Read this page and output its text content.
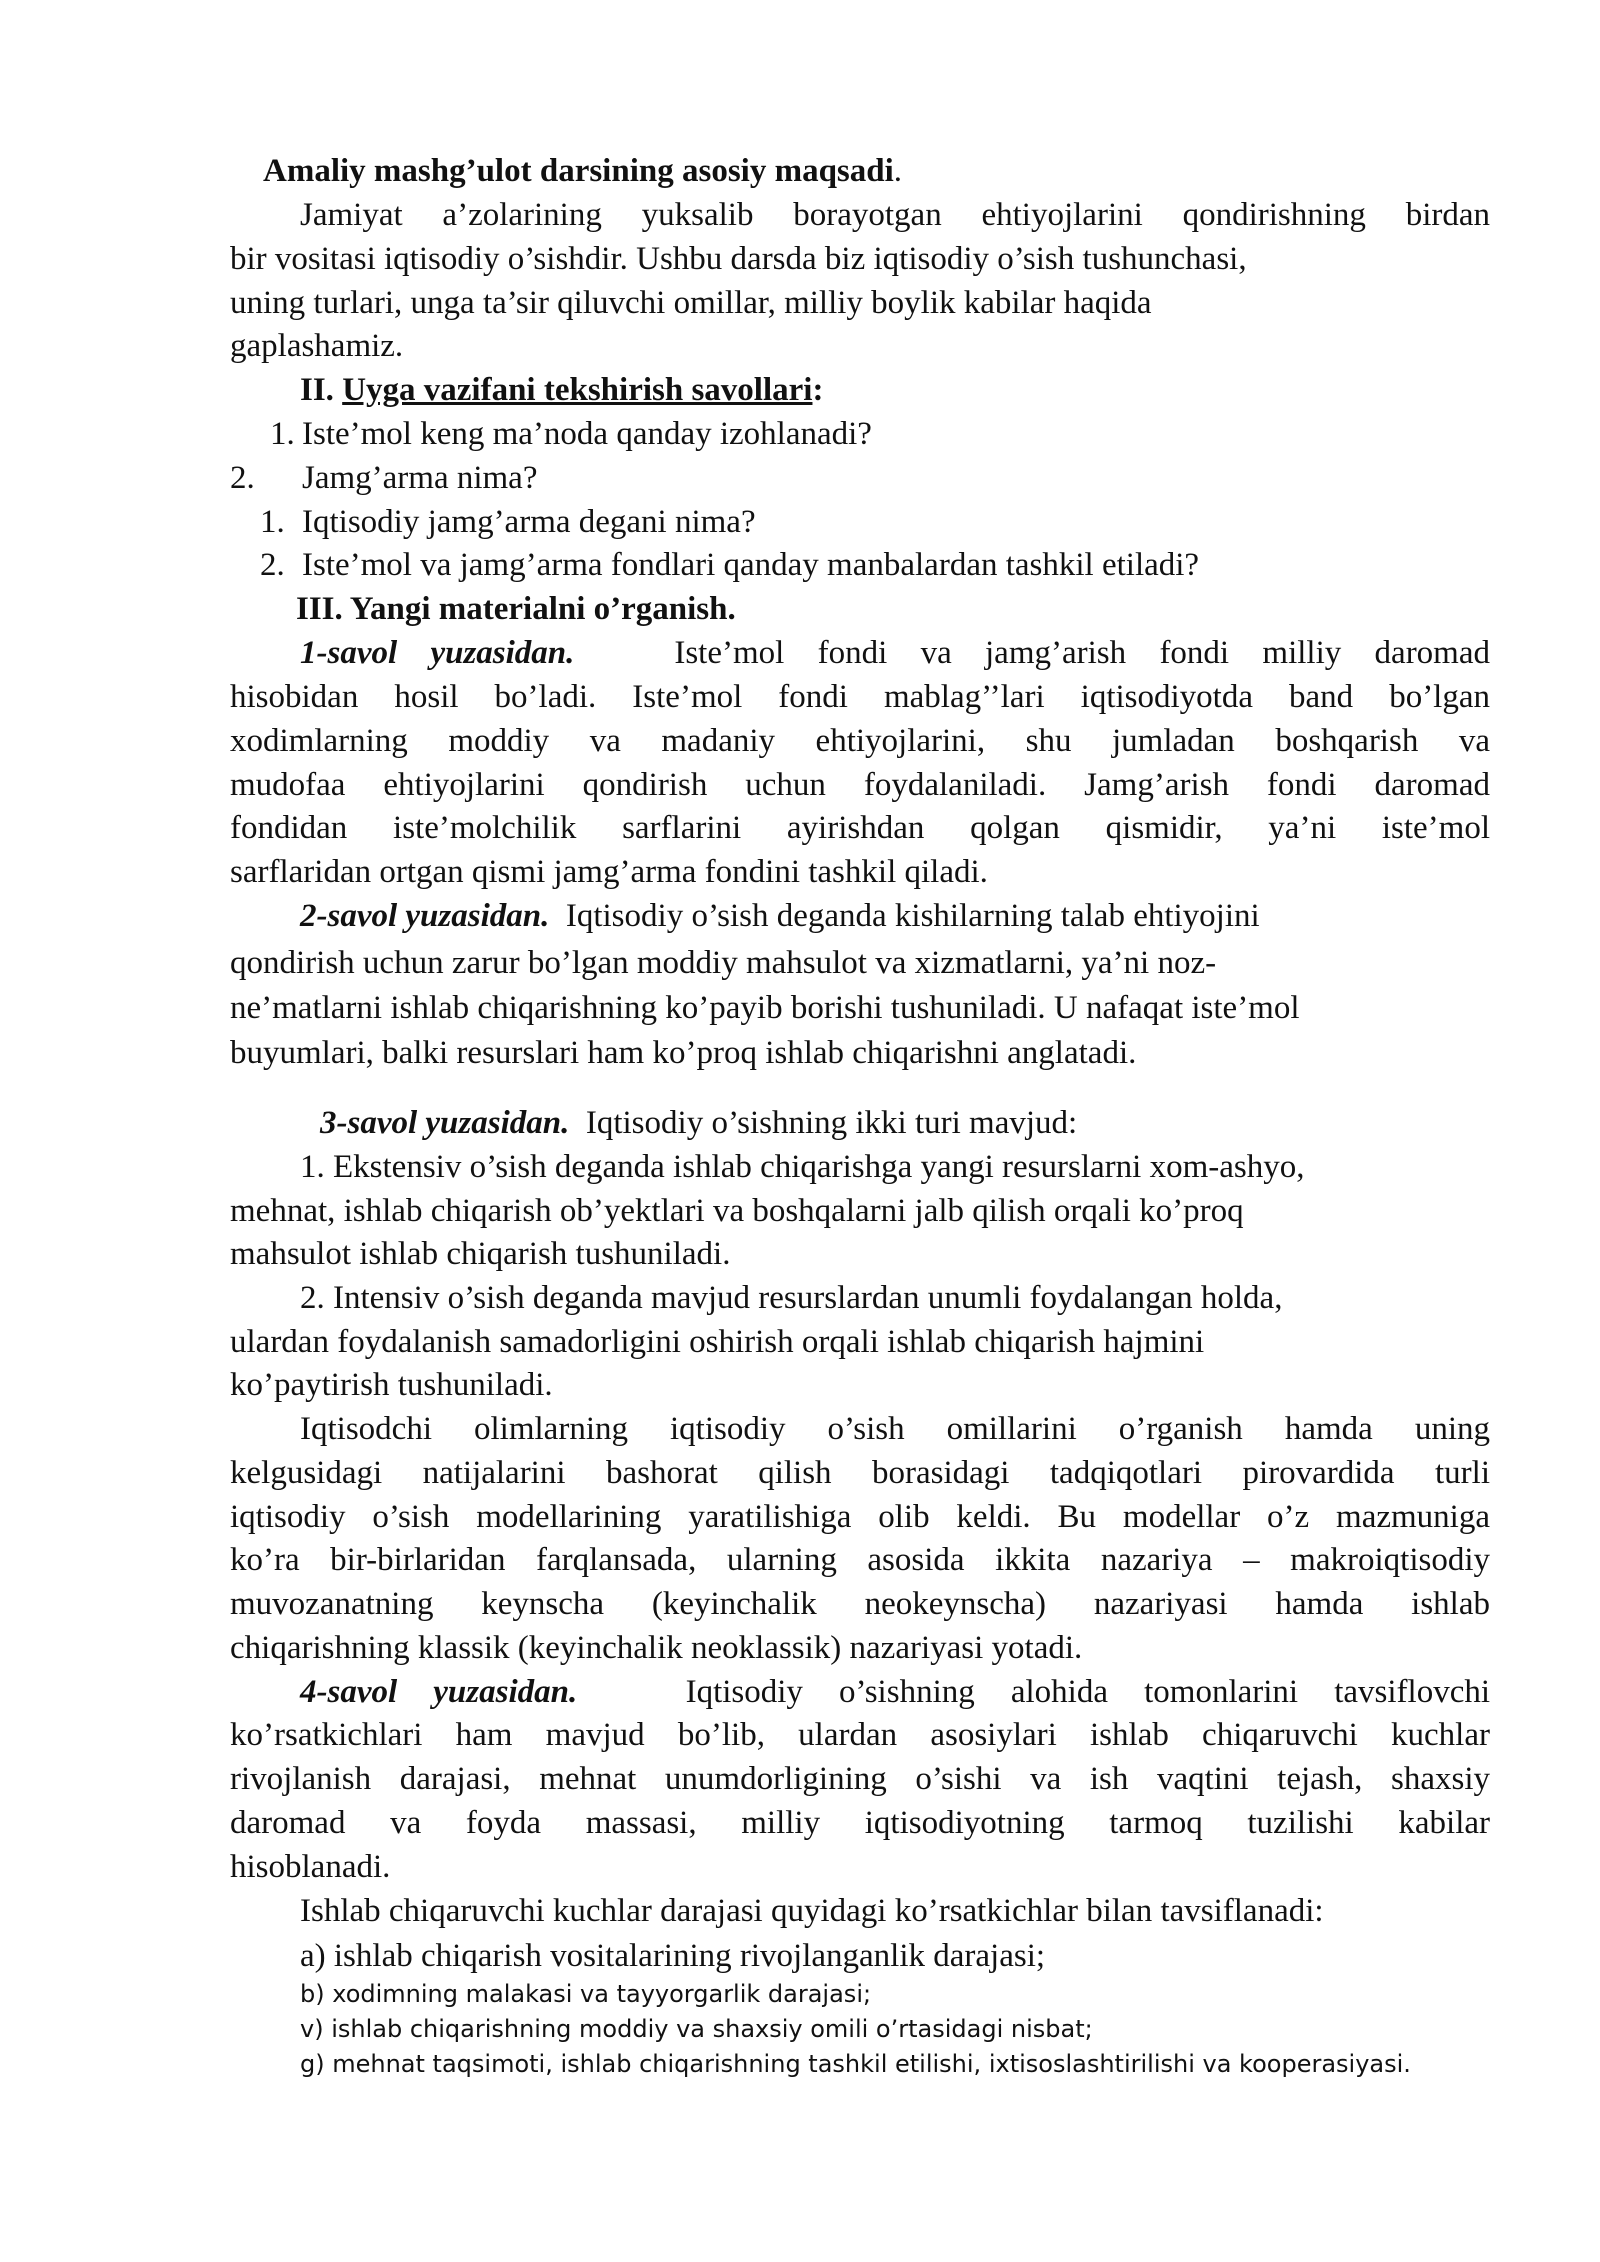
Amaliy mashg’ulot darsining asosiy maqsadi.
Jamiyat a’zolarining yuksalib borayotgan ehtiyojlarini qondirishning birdan
bir vositasi iqtisodiy o’sishdir. Ushbu darsda biz iqtisodiy o’sish tushunchasi,
uning turlari, unga ta’sir qiluvchi omillar, milliy boylik kabilar haqida
gaplashamiz.
II. Uyga vazifani tekshirish savollari:
1. Iste’mol keng ma’noda qanday izohlanadi?
2. Jamg’arma nima?
1. Iqtisodiy jamg’arma degani nima?
2. Iste’mol va jamg’arma fondlari qanday manbalardan tashkil etiladi?
III. Yangi materialni o’rganish.
1-savol yuzasidan.	Iste’mol fondi va jamg’arish fondi milliy daromad
hisobidan hosil bo’ladi. Iste’mol fondi mablag’’lari iqtisodiyotda band bo’lgan
xodimlarning moddiy va madaniy ehtiyojlarini, shu jumladan boshqarish va
mudofaa ehtiyojlarini qondirish uchun foydalaniladi. Jamg’arish fondi daromad
fondidan iste’molchilik sarflarini ayirishdan qolgan qismidir, ya’ni iste’mol
sarflaridan ortgan qismi jamg’arma fondini tashkil qiladi.
2-savol yuzasidan. Iqtisodiy o’sish deganda kishilarning talab ehtiyojini
qondirish uchun zarur bo’lgan moddiy mahsulot va xizmatlarni, ya’ni noz-
ne’matlarni ishlab chiqarishning ko’payib borishi tushuniladi. U nafaqat iste’mol
buyumlari, balki resurslari ham ko’proq ishlab chiqarishni anglatadi.
3-savol yuzasidan. Iqtisodiy o’sishning ikki turi mavjud:
1. Ekstensiv o’sish deganda ishlab chiqarishga yangi resurslarni xom-ashyo,
mehnat, ishlab chiqarish ob’yektlari va boshqalarni jalb qilish orqali ko’proq
mahsulot ishlab chiqarish tushuniladi.
2. Intensiv o’sish deganda mavjud resurslardan unumli foydalangan holda,
ulardan foydalanish samadorligini oshirish orqali ishlab chiqarish hajmini
ko’paytirish tushuniladi.
Iqtisodchi olimlarning iqtisodiy o’sish omillarini o’rganish hamda uning
kelgusidagi natijalarini bashorat qilish borasidagi tadqiqotlari pirovardida turli
iqtisodiy o’sish modellarining yaratilishiga olib keldi. Bu modellar o’z mazmuniga
ko’ra bir-birlaridan farqlansada, ularning asosida ikkita nazariya – makroiqtisodiy
muvozanatning keynscha (keyinchalik neokeynscha) nazariyasi hamda ishlab
chiqarishning klassik (keyinchalik neoklassik) nazariyasi yotadi.
4-savol yuzasidan.	Iqtisodiy o’sishning alohida tomonlarini tavsiflovchi
ko’rsatkichlari ham mavjud bo’lib, ulardan asosiylari ishlab chiqaruvchi kuchlar
rivojlanish darajasi, mehnat unumdorligining o’sishi va ish vaqtini tejash, shaxsiy
daromad va foyda massasi, milliy iqtisodiyotning tarmoq tuzilishi kabilar
hisoblanadi.
Ishlab chiqaruvchi kuchlar darajasi quyidagi ko’rsatkichlar bilan tavsiflanadi:
a) ishlab chiqarish vositalarining rivojlanganlik darajasi;
b) xodimning malakasi va tayyorgarlik darajasi;
v) ishlab chiqarishning moddiy va shaxsiy omili o’rtasidagi nisbat;
g) mehnat taqsimoti, ishlab chiqarishning tashkil etilishi, ixtisoslashtirilishi va kooperasiyasi.
